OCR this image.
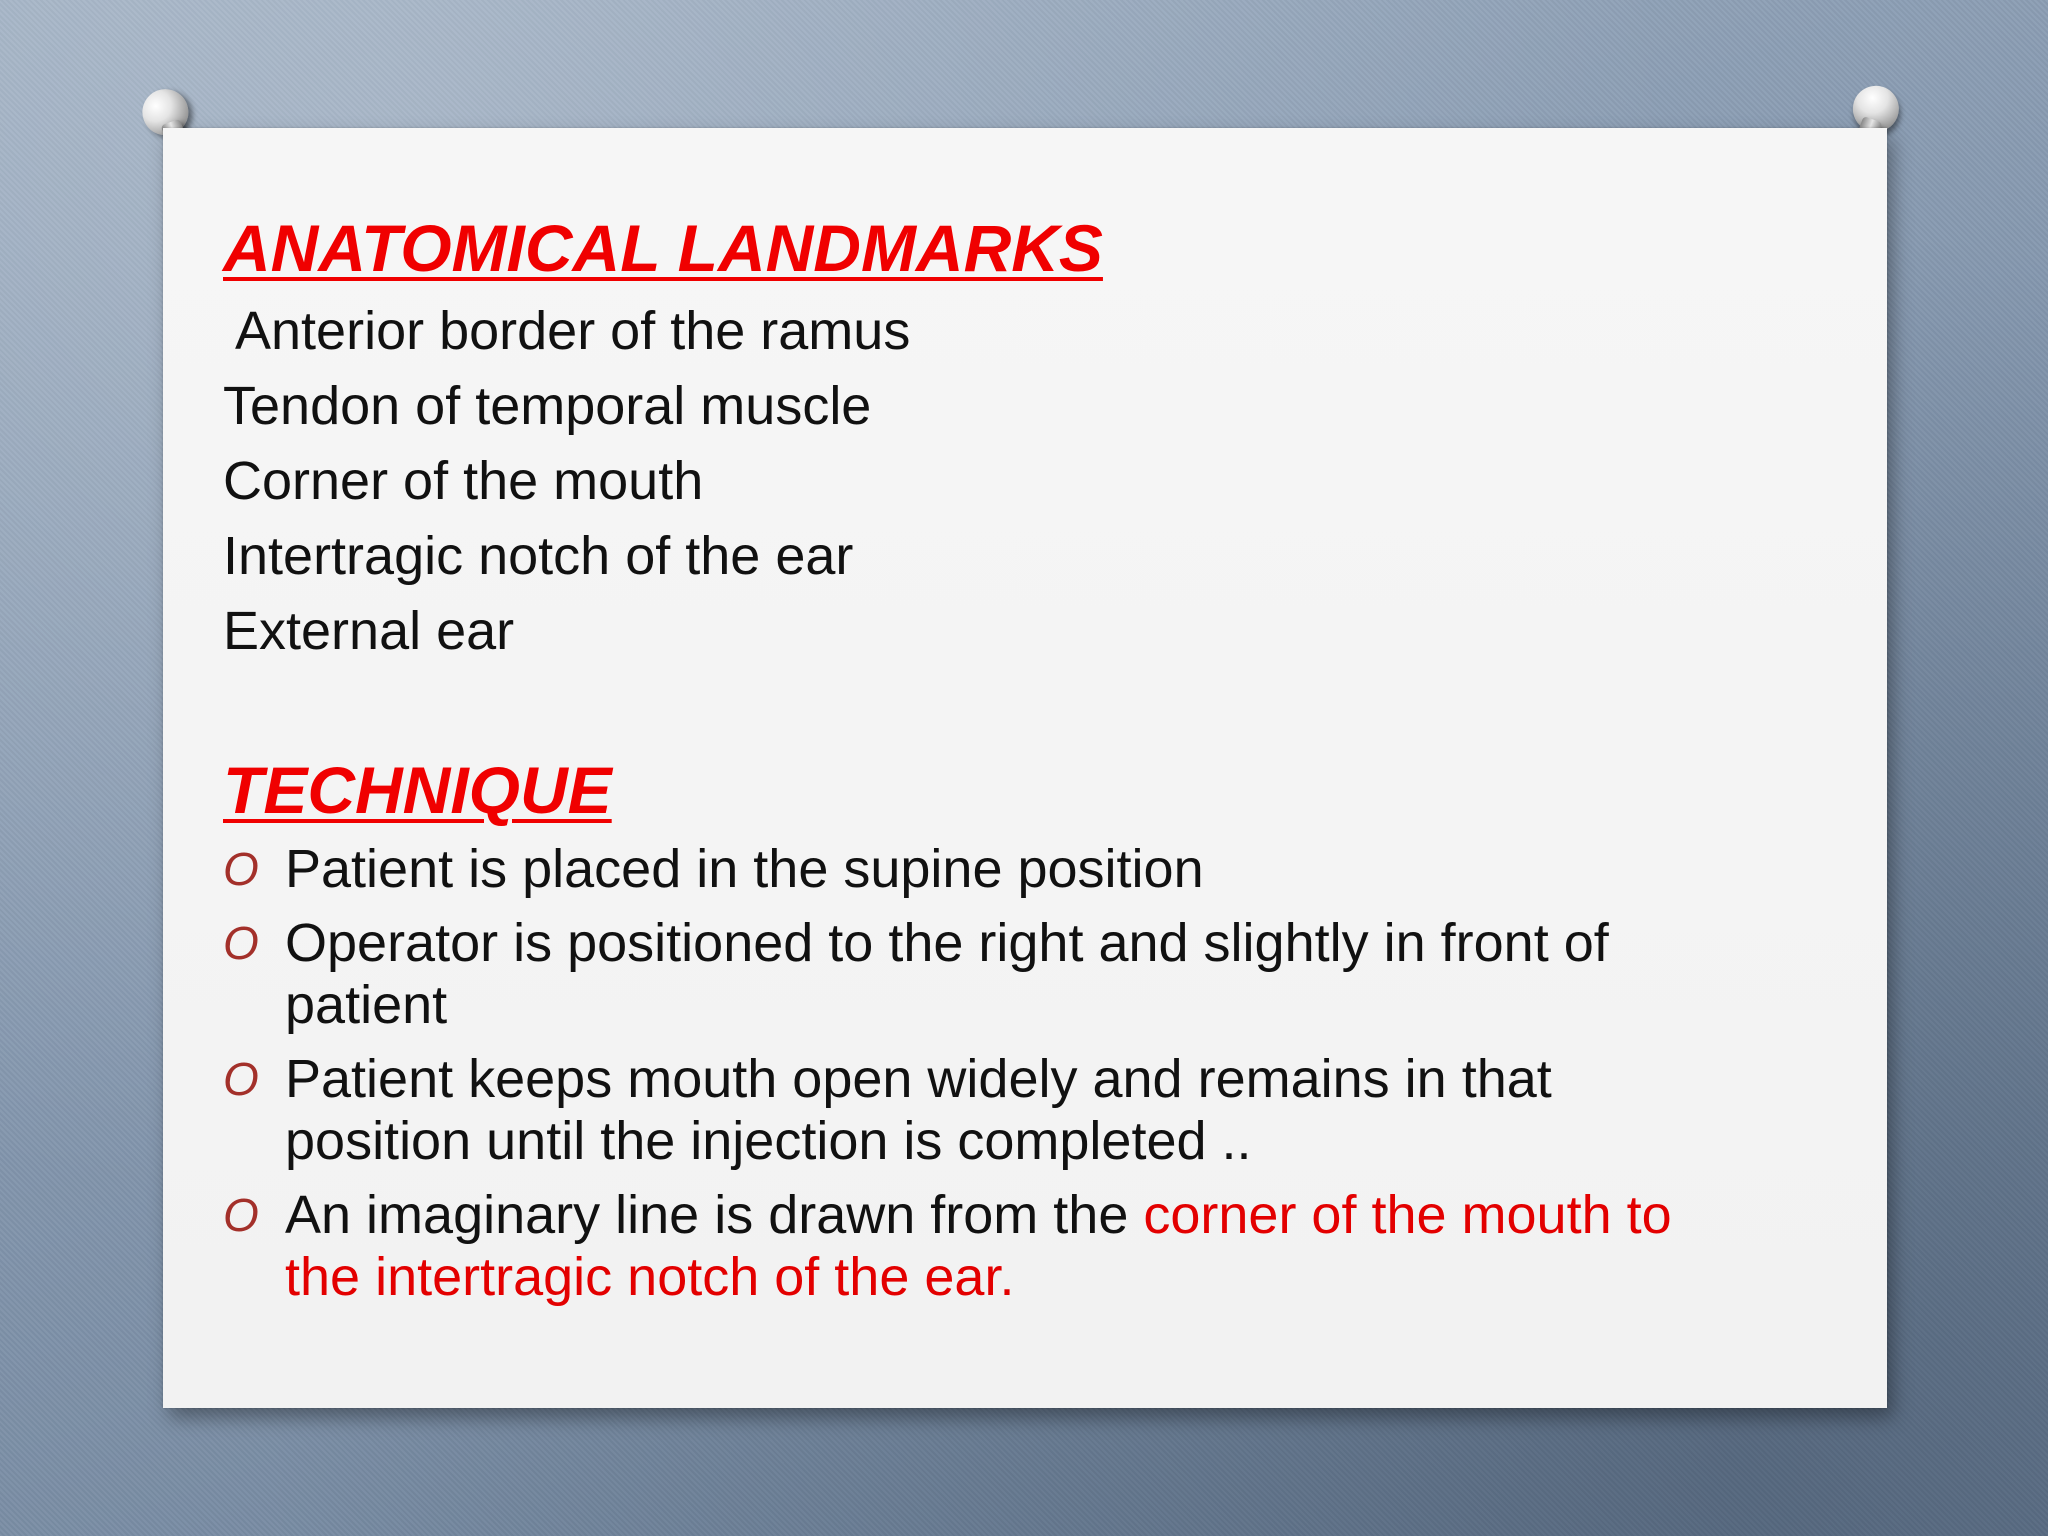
ANATOMICAL LANDMARKS
Anterior border of the ramus
Tendon of temporal muscle
Corner of the mouth
Intertragic notch of the ear
External ear
TECHNIQUE
O Patient is placed in the supine position
O Operator is positioned to the right and slightly in front of patient
O Patient keeps mouth open widely and remains in that position until the injection is completed ..
O An imaginary line is drawn from the corner of the mouth to the intertragic notch of the ear.
